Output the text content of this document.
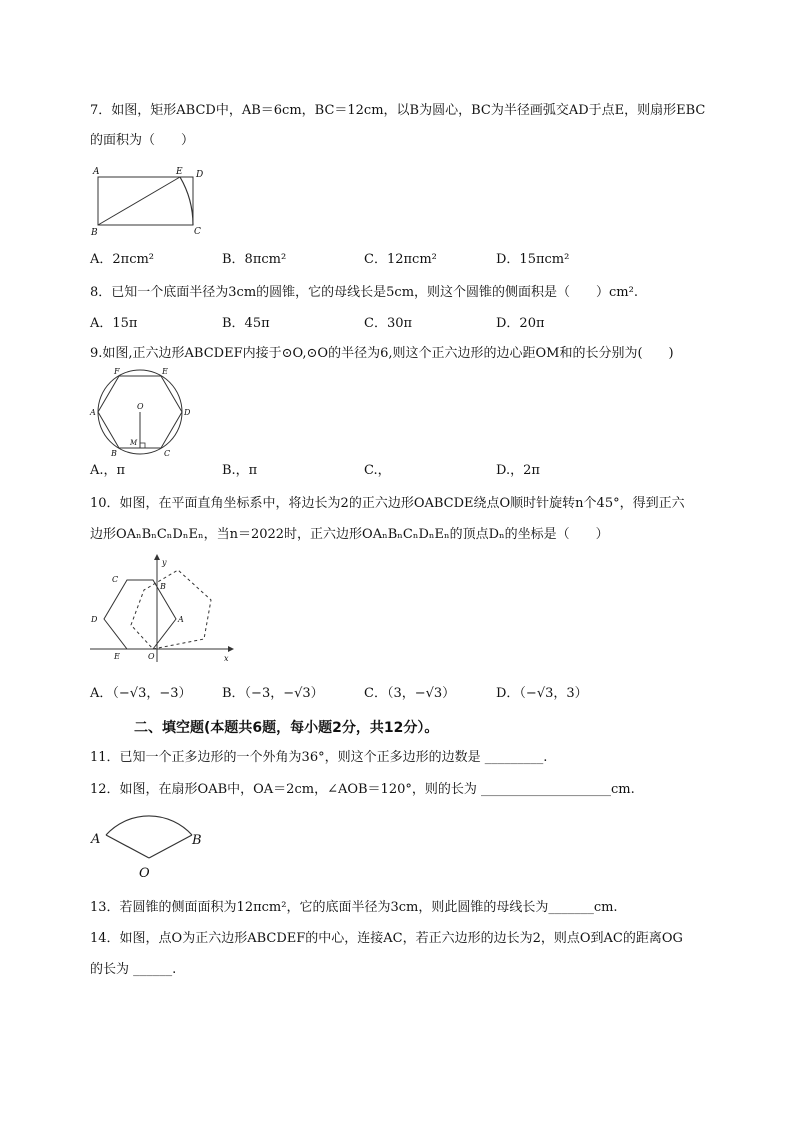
7．如图，矩形ABCD中，AB＝6cm，BC＝12cm，以B为圆心，BC为半径画弧交AD于点E，则扇形EBC
的面积为（　　）
A	E D
B	C
A．2πcm²	B．8πcm²	C．12πcm²	D．15πcm²
8．已知一个底面半径为3cm的圆锥，它的母线长是5cm，则这个圆锥的侧面积是（　　）cm².
A．15π	B．45π	C．30π	D．20π
9.如图,正六边形ABCDEF内接于⊙O,⊙O的半径为6,则这个正六边形的边心距OM和的长分别为(　　)
F	E
A
O
D
B
M
C
A.，π	B.，π	C.，	D.，2π
10．如图，在平面直角坐标系中，将边长为2的正六边形OABCDE绕点O顺时针旋转n个45°，得到正六
边形OAₙBₙCₙDₙEₙ，当n＝2022时，正六边形OAₙBₙCₙDₙEₙ的顶点Dₙ的坐标是（　　）
y
C
B
D	A
E	O	x
A．（−√3，−3） B．（−3，−√3）	C．（3，−√3）	D．（−√3，3）
二、填空题(本题共6题，每小题2分，共12分）。
11．已知一个正多边形的一个外角为36°，则这个正多边形的边数是 _________.
12．如图，在扇形OAB中，OA＝2cm，∠AOB＝120°，则的长为 ____________________cm.
A	B
O
13．若圆锥的侧面面积为12πcm²，它的底面半径为3cm，则此圆锥的母线长为_______cm.
14．如图，点O为正六边形ABCDEF的中心，连接AC，若正六边形的边长为2，则点O到AC的距离OG
的长为 ______.
